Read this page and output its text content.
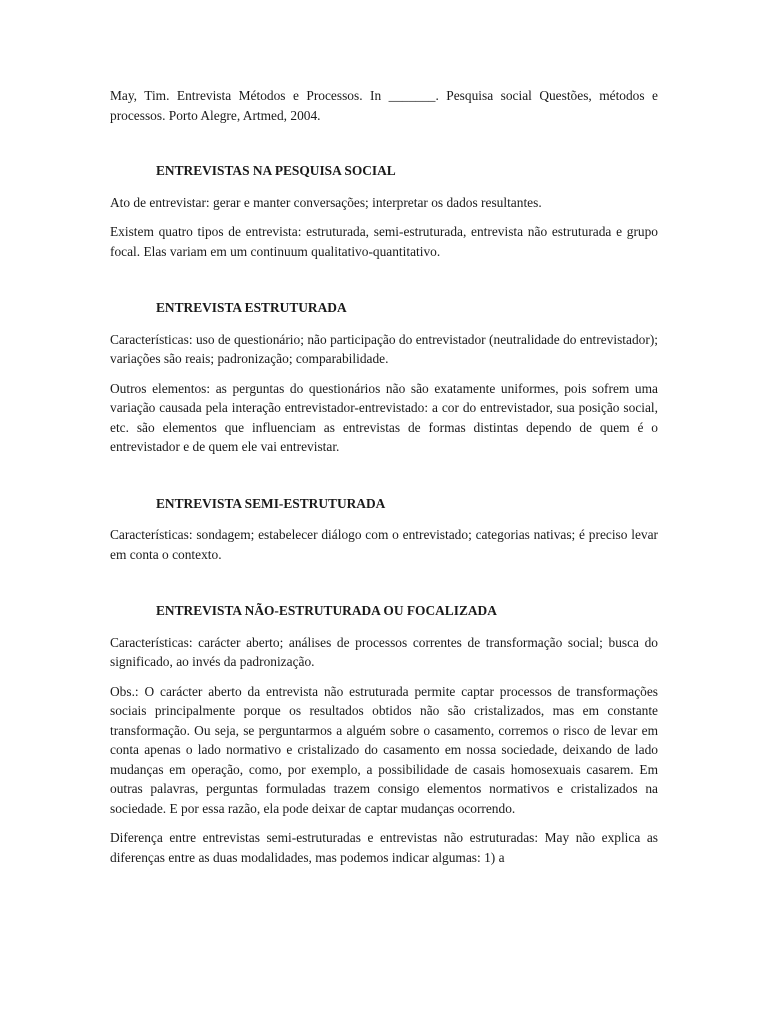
May, Tim. Entrevista Métodos e Processos. In _______. Pesquisa social Questões, métodos e processos. Porto Alegre, Artmed, 2004.

ENTREVISTAS NA PESQUISA SOCIAL

Ato de entrevistar: gerar e manter conversações; interpretar os dados resultantes.

Existem quatro tipos de entrevista: estruturada, semi-estruturada, entrevista não estruturada e grupo focal. Elas variam em um continuum qualitativo-quantitativo.

ENTREVISTA ESTRUTURADA

Características: uso de questionário; não participação do entrevistador (neutralidade do entrevistador); variações são reais; padronização; comparabilidade.

Outros elementos: as perguntas do questionários não são exatamente uniformes, pois sofrem uma variação causada pela interação entrevistador-entrevistado: a cor do entrevistador, sua posição social, etc. são elementos que influenciam as entrevistas de formas distintas dependo de quem é o entrevistador e de quem ele vai entrevistar.

ENTREVISTA SEMI-ESTRUTURADA

Características: sondagem; estabelecer diálogo com o entrevistado; categorias nativas; é preciso levar em conta o contexto.

ENTREVISTA NÃO-ESTRUTURADA OU FOCALIZADA

Características: carácter aberto; análises de processos correntes de transformação social; busca do significado, ao invés da padronização.

Obs.: O carácter aberto da entrevista não estruturada permite captar processos de transformações sociais principalmente porque os resultados obtidos não são cristalizados, mas em constante transformação. Ou seja, se perguntarmos a alguém sobre o casamento, corremos o risco de levar em conta apenas o lado normativo e cristalizado do casamento em nossa sociedade, deixando de lado mudanças em operação, como, por exemplo, a possibilidade de casais homosexuais casarem. Em outras palavras, perguntas formuladas trazem consigo elementos normativos e cristalizados na sociedade. E por essa razão, ela pode deixar de captar mudanças ocorrendo.

Diferença entre entrevistas semi-estruturadas e entrevistas não estruturadas: May não explica as diferenças entre as duas modalidades, mas podemos indicar algumas: 1) a
